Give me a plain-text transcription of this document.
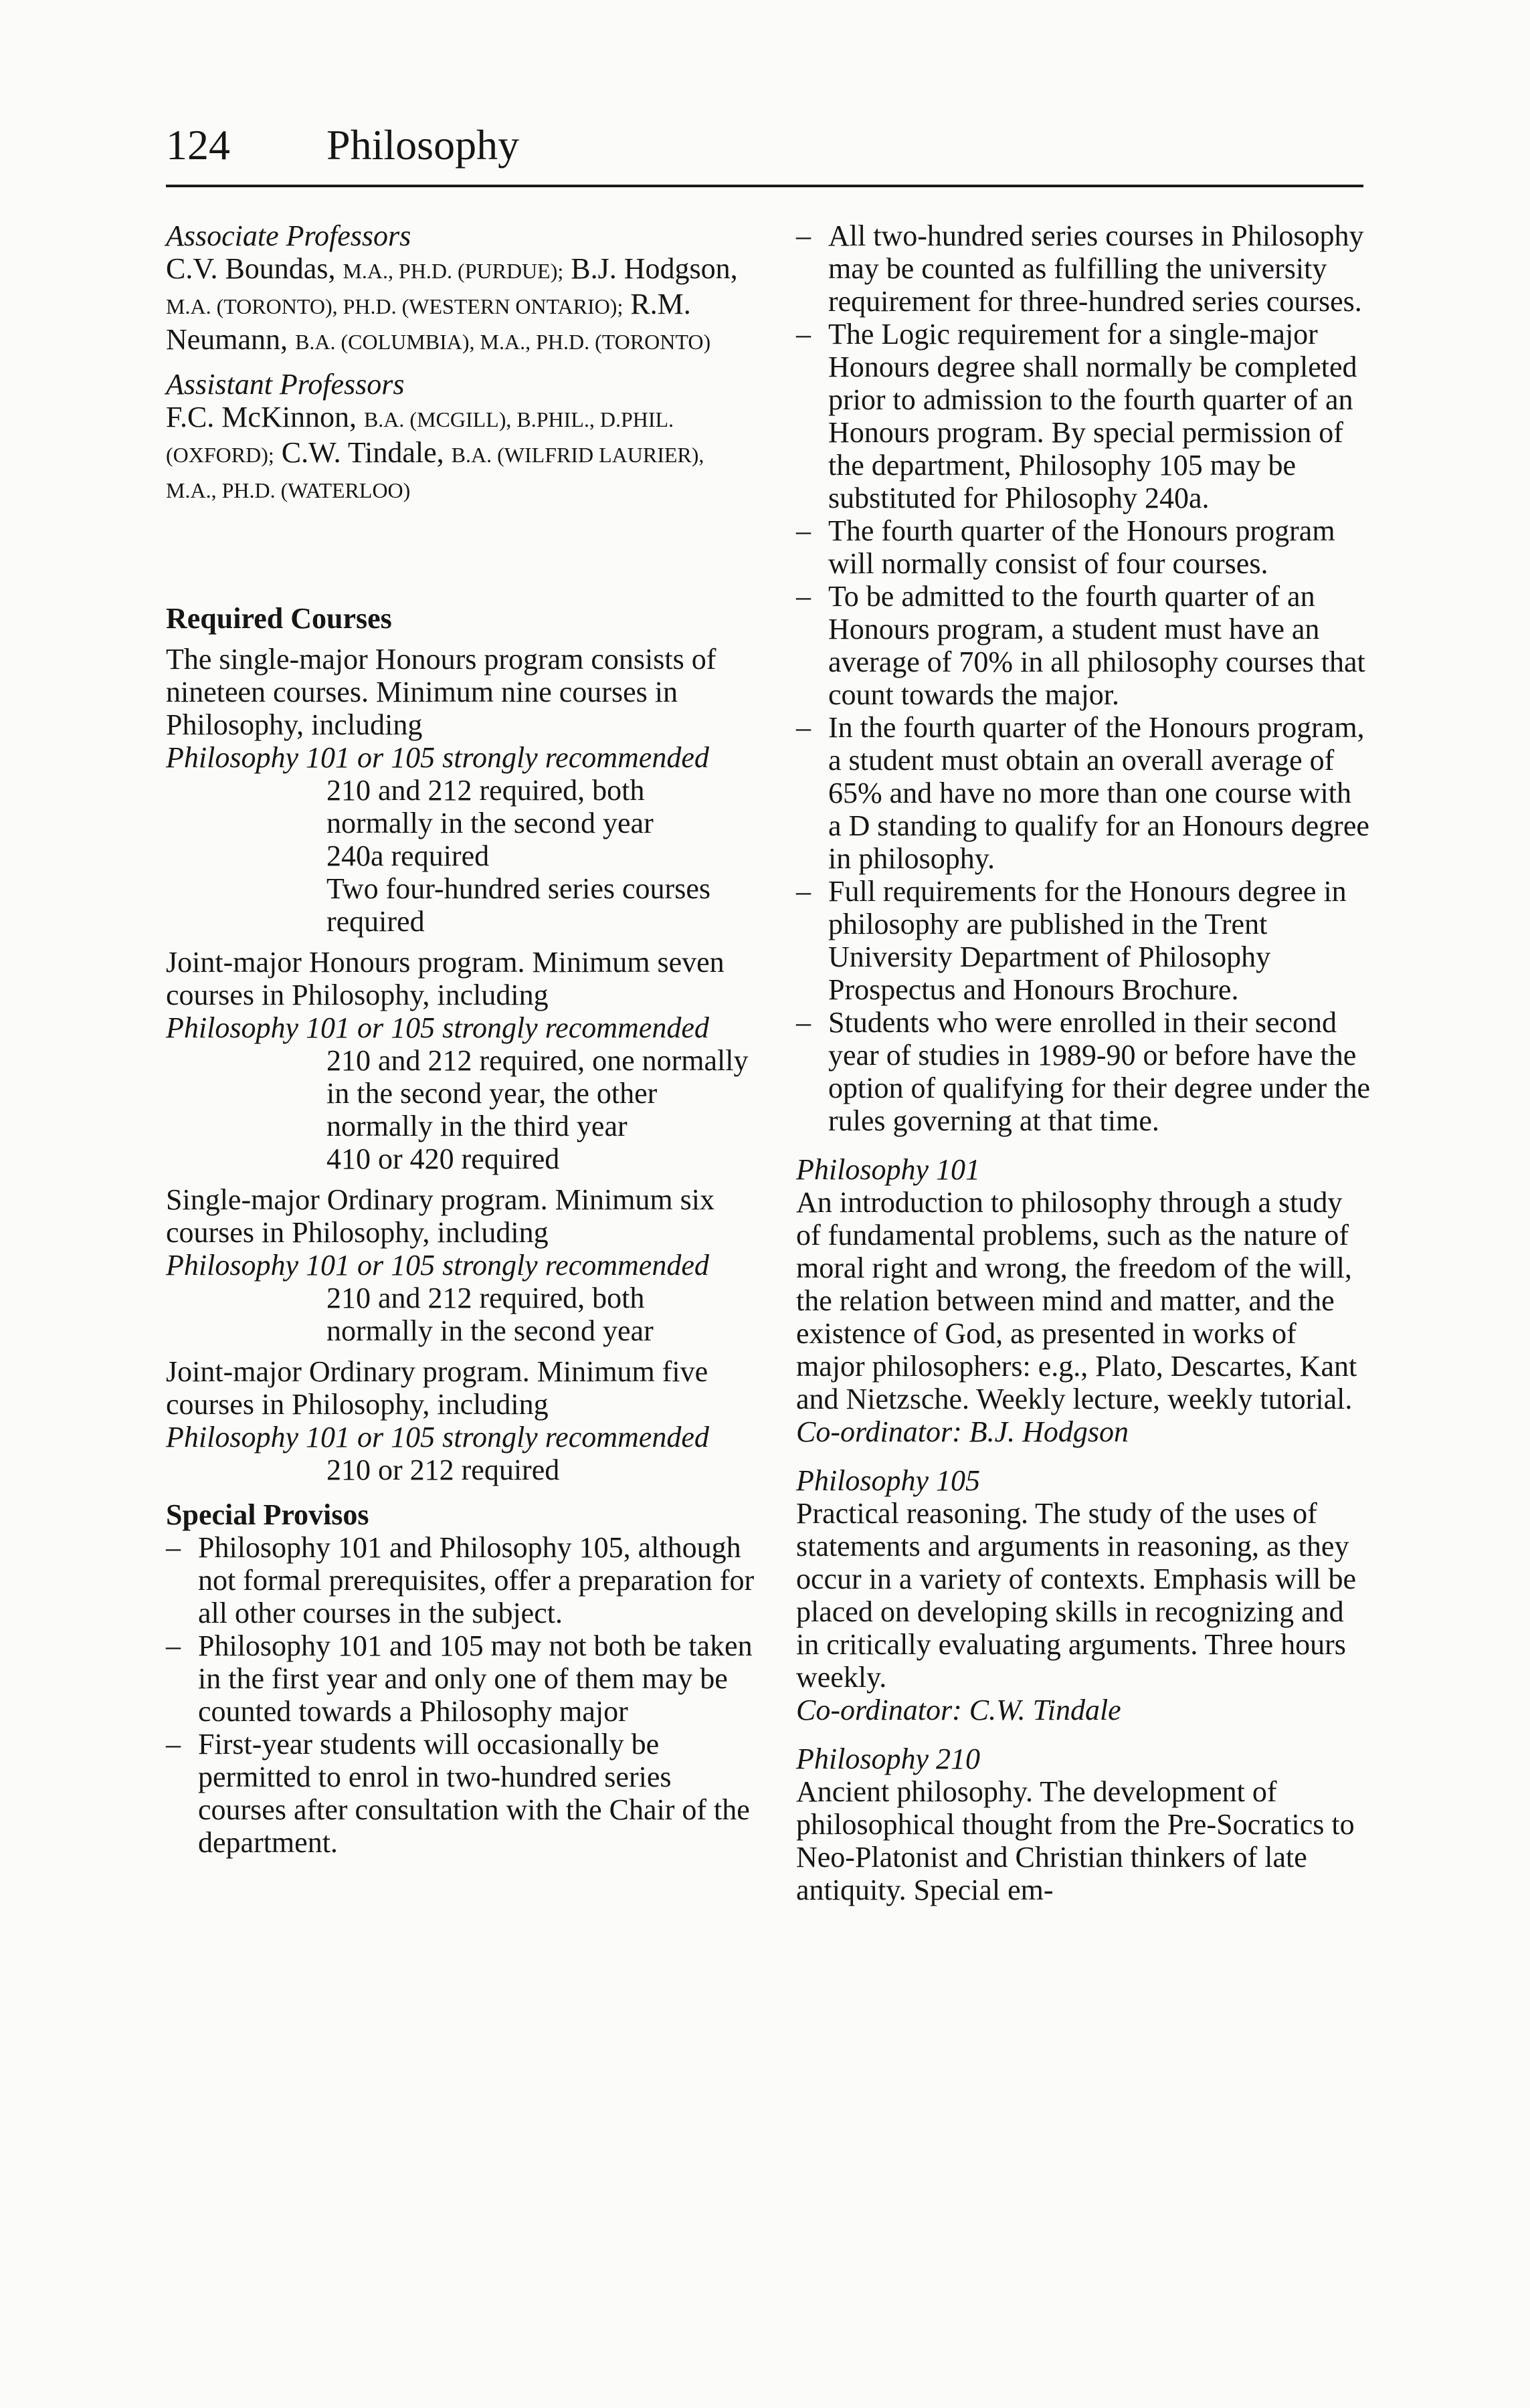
124 Philosophy

Associate Professors

C.V. Boundas, M.A., PH.D. (PURDUE); B.J. Hodgson, M.A. (TORONTO), PH.D. (WESTERN ONTARIO); R.M. Neumann, B.A. (COLUMBIA), M.A., PH.D. (TORONTO)

Assistant Professors

F.C. McKinnon, B.A. (MCGILL), B.PHIL., D.PHIL. (OXFORD); C.W. Tindale, B.A. (WILFRID LAURIER), M.A., PH.D. (WATERLOO)

Required Courses

The single-major Honours program consists of nineteen courses. Minimum nine courses in Philosophy, including

Philosophy 101 or 105 strongly recommended

210 and 212 required, both normally in the second year

240a required

Two four-hundred series courses required

Joint-major Honours program. Minimum seven courses in Philosophy, including

Philosophy 101 or 105 strongly recommended

210 and 212 required, one normally in the second year, the other normally in the third year

410 or 420 required

Single-major Ordinary program. Minimum six courses in Philosophy, including

Philosophy 101 or 105 strongly recommended

210 and 212 required, both normally in the second year

Joint-major Ordinary program. Minimum five courses in Philosophy, including

Philosophy 101 or 105 strongly recommended

210 or 212 required

Special Provisos

– Philosophy 101 and Philosophy 105, although not formal prerequisites, offer a preparation for all other courses in the subject.

– Philosophy 101 and 105 may not both be taken in the first year and only one of them may be counted towards a Philosophy major

– First-year students will occasionally be permitted to enrol in two-hundred series courses after consultation with the Chair of the department.

– All two-hundred series courses in Philosophy may be counted as fulfilling the university requirement for three-hundred series courses.

– The Logic requirement for a single-major Honours degree shall normally be completed prior to admission to the fourth quarter of an Honours program. By special permission of the department, Philosophy 105 may be substituted for Philosophy 240a.

– The fourth quarter of the Honours program will normally consist of four courses.

– To be admitted to the fourth quarter of an Honours program, a student must have an average of 70% in all philosophy courses that count towards the major.

– In the fourth quarter of the Honours program, a student must obtain an overall average of 65% and have no more than one course with a D standing to qualify for an Honours degree in philosophy.

– Full requirements for the Honours degree in philosophy are published in the Trent University Department of Philosophy Prospectus and Honours Brochure.

– Students who were enrolled in their second year of studies in 1989-90 or before have the option of qualifying for their degree under the rules governing at that time.

Philosophy 101

An introduction to philosophy through a study of fundamental problems, such as the nature of moral right and wrong, the freedom of the will, the relation between mind and matter, and the existence of God, as presented in works of major philosophers: e.g., Plato, Descartes, Kant and Nietzsche. Weekly lecture, weekly tutorial.

Co-ordinator: B.J. Hodgson

Philosophy 105

Practical reasoning. The study of the uses of statements and arguments in reasoning, as they occur in a variety of contexts. Emphasis will be placed on developing skills in recognizing and in critically evaluating arguments. Three hours weekly.

Co-ordinator: C.W. Tindale

Philosophy 210

Ancient philosophy. The development of philosophical thought from the Pre-Socratics to Neo-Platonist and Christian thinkers of late antiquity. Special em-
